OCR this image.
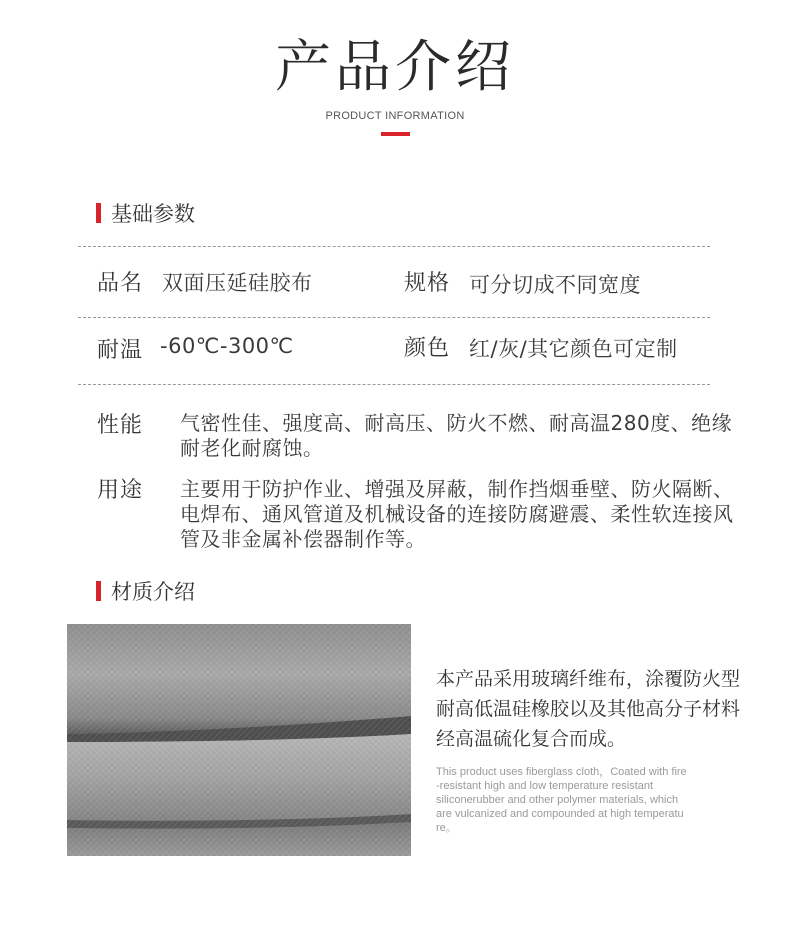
产品介绍
PRODUCT INFORMATION
基础参数
品名 双面压延硅胶布	规格 可分切成不同宽度
耐温 -60℃-300℃	颜色 红/灰/其它颜色可定制
性能 气密性佳、强度高、耐高压、防火不燃、耐高温280度、绝缘
耐老化耐腐蚀。
用途 主要用于防护作业、增强及屏蔽，制作挡烟垂壁、防火隔断、
电焊布、通风管道及机械设备的连接防腐避震、柔性软连接风
管及非金属补偿器制作等。
材质介绍
本产品采用玻璃纤维布，涂覆防火型
耐高低温硅橡胶以及其他高分子材料
经高温硫化复合而成。
This product uses fiberglass cloth，Coated with fire
-resistant high and low temperature resistant
siliconerubber and other polymer materials, which
are vulcanized and compounded at high temperatu
re。
